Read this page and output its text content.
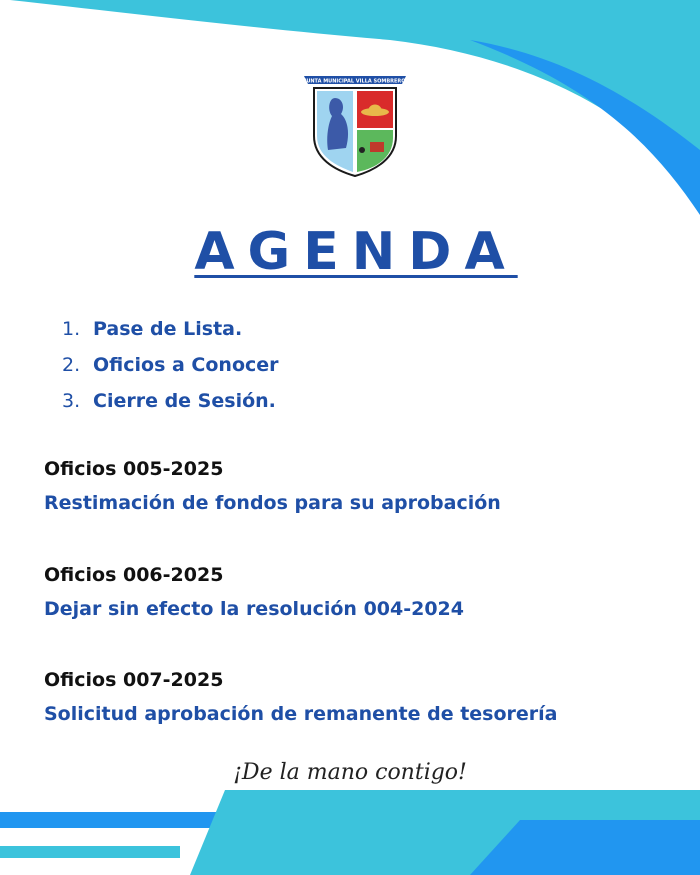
JUNTA MUNICIPAL VILLA SOMBRERO
AGENDA
1. Pase de Lista.
2. Oficios a Conocer
3. Cierre de Sesión.
Oficios 005-2025
Restimación de fondos para su aprobación
Oficios 006-2025
Dejar sin efecto la resolución 004-2024
Oficios 007-2025
Solicitud aprobación de remanente de tesorería
¡De la mano contigo!
